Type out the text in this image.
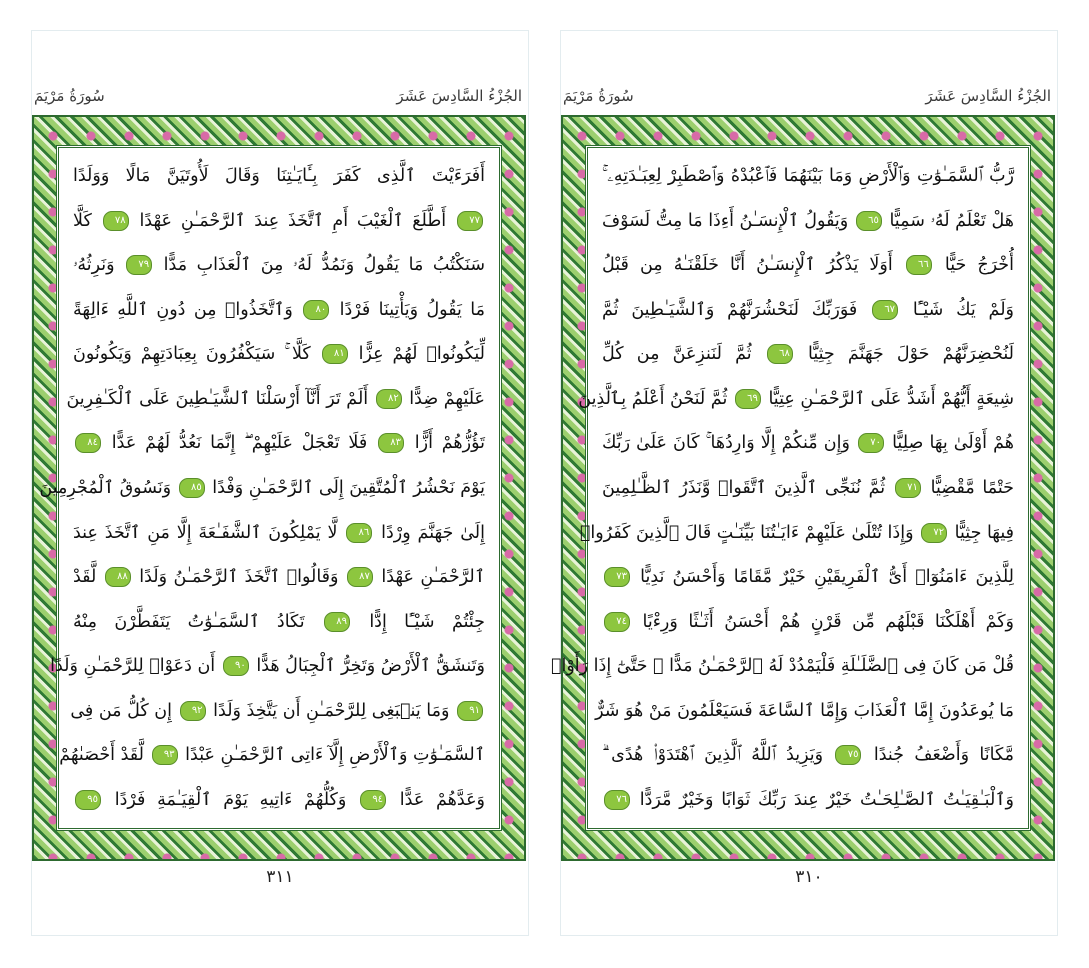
سُورَةُ مَرْيَمَ	الجُزْءُ السَّادِسَ عَشَرَ
أَفَرَءَيْتَ ٱلَّذِى كَفَرَ بِـَٔايَـٰتِنَا وَقَالَ لَأُوتَيَنَّ مَالًا وَوَلَدًا
٧٧ أَطَّلَعَ ٱلْغَيْبَ أَمِ ٱتَّخَذَ عِندَ ٱلرَّحْمَـٰنِ عَهْدًا ٧٨ كَلَّا
سَنَكْتُبُ مَا يَقُولُ وَنَمُدُّ لَهُۥ مِنَ ٱلْعَذَابِ مَدًّا ٧٩ وَنَرِثُهُۥ
مَا يَقُولُ وَيَأْتِينَا فَرْدًا ٨٠ وَٱتَّخَذُوا۟ مِن دُونِ ٱللَّهِ ءَالِهَةً
لِّيَكُونُوا۟ لَهُمْ عِزًّا ٨١ كَلَّا ۚ سَيَكْفُرُونَ بِعِبَادَتِهِمْ وَيَكُونُونَ
عَلَيْهِمْ ضِدًّا ٨٢ أَلَمْ تَرَ أَنَّآ أَرْسَلْنَا ٱلشَّيَـٰطِينَ عَلَى ٱلْكَـٰفِرِينَ
تَؤُزُّهُمْ أَزًّا ٨٣ فَلَا تَعْجَلْ عَلَيْهِمْ ۖ إِنَّمَا نَعُدُّ لَهُمْ عَدًّا ٨٤
يَوْمَ نَحْشُرُ ٱلْمُتَّقِينَ إِلَى ٱلرَّحْمَـٰنِ وَفْدًا ٨٥ وَنَسُوقُ ٱلْمُجْرِمِينَ
إِلَىٰ جَهَنَّمَ وِرْدًا ٨٦ لَّا يَمْلِكُونَ ٱلشَّفَـٰعَةَ إِلَّا مَنِ ٱتَّخَذَ عِندَ
ٱلرَّحْمَـٰنِ عَهْدًا ٨٧ وَقَالُوا۟ ٱتَّخَذَ ٱلرَّحْمَـٰنُ وَلَدًا ٨٨ لَّقَدْ
جِئْتُمْ شَيْـًٔا إِدًّا ٨٩ تَكَادُ ٱلسَّمَـٰوَٰتُ يَتَفَطَّرْنَ مِنْهُ
وَتَنشَقُّ ٱلْأَرْضُ وَتَخِرُّ ٱلْجِبَالُ هَدًّا ٩٠ أَن دَعَوْا۟ لِلرَّحْمَـٰنِ وَلَدًا
٩١ وَمَا يَنۢبَغِى لِلرَّحْمَـٰنِ أَن يَتَّخِذَ وَلَدًا ٩٢ إِن كُلُّ مَن فِى
ٱلسَّمَـٰوَٰتِ وَٱلْأَرْضِ إِلَّآ ءَاتِى ٱلرَّحْمَـٰنِ عَبْدًا ٩٣ لَّقَدْ أَحْصَىٰهُمْ
وَعَدَّهُمْ عَدًّا ٩٤ وَكُلُّهُمْ ءَاتِيهِ يَوْمَ ٱلْقِيَـٰمَةِ فَرْدًا ٩٥
٣١١
سُورَةُ مَرْيَمَ	الجُزْءُ السَّادِسَ عَشَرَ
رَّبُّ ٱلسَّمَـٰوَٰتِ وَٱلْأَرْضِ وَمَا بَيْنَهُمَا فَٱعْبُدْهُ وَٱصْطَبِرْ لِعِبَـٰدَتِهِۦ ۚ
هَلْ تَعْلَمُ لَهُۥ سَمِيًّا ٦٥ وَيَقُولُ ٱلْإِنسَـٰنُ أَءِذَا مَا مِتُّ لَسَوْفَ
أُخْرَجُ حَيًّا ٦٦ أَوَلَا يَذْكُرُ ٱلْإِنسَـٰنُ أَنَّا خَلَقْنَـٰهُ مِن قَبْلُ
وَلَمْ يَكُ شَيْـًٔا ٦٧ فَوَرَبِّكَ لَنَحْشُرَنَّهُمْ وَٱلشَّيَـٰطِينَ ثُمَّ
لَنُحْضِرَنَّهُمْ حَوْلَ جَهَنَّمَ جِثِيًّا ٦٨ ثُمَّ لَنَنزِعَنَّ مِن كُلِّ
شِيعَةٍ أَيُّهُمْ أَشَدُّ عَلَى ٱلرَّحْمَـٰنِ عِتِيًّا ٦٩ ثُمَّ لَنَحْنُ أَعْلَمُ بِٱلَّذِينَ
هُمْ أَوْلَىٰ بِهَا صِلِيًّا ٧٠ وَإِن مِّنكُمْ إِلَّا وَارِدُهَا ۚ كَانَ عَلَىٰ رَبِّكَ
حَتْمًا مَّقْضِيًّا ٧١ ثُمَّ نُنَجِّى ٱلَّذِينَ ٱتَّقَوا۟ وَّنَذَرُ ٱلظَّـٰلِمِينَ
فِيهَا جِثِيًّا ٧٢ وَإِذَا تُتْلَىٰ عَلَيْهِمْ ءَايَـٰتُنَا بَيِّنَـٰتٍ قَالَ ٱلَّذِينَ كَفَرُوا۟
لِلَّذِينَ ءَامَنُوٓا۟ أَىُّ ٱلْفَرِيقَيْنِ خَيْرٌ مَّقَامًا وَأَحْسَنُ نَدِيًّا ٧٣
وَكَمْ أَهْلَكْنَا قَبْلَهُم مِّن قَرْنٍ هُمْ أَحْسَنُ أَثَـٰثًا وَرِءْيًا ٧٤
قُلْ مَن كَانَ فِى ٱلضَّلَـٰلَةِ فَلْيَمْدُدْ لَهُ ٱلرَّحْمَـٰنُ مَدًّا ۚ حَتَّىٰٓ إِذَا رَأَوْا۟
مَا يُوعَدُونَ إِمَّا ٱلْعَذَابَ وَإِمَّا ٱلسَّاعَةَ فَسَيَعْلَمُونَ مَنْ هُوَ شَرٌّ
مَّكَانًا وَأَضْعَفُ جُندًا ٧٥ وَيَزِيدُ ٱللَّهُ ٱلَّذِينَ ٱهْتَدَوْا۟ هُدًى ۗ
وَٱلْبَـٰقِيَـٰتُ ٱلصَّـٰلِحَـٰتُ خَيْرٌ عِندَ رَبِّكَ ثَوَابًا وَخَيْرٌ مَّرَدًّا ٧٦
٣١٠
